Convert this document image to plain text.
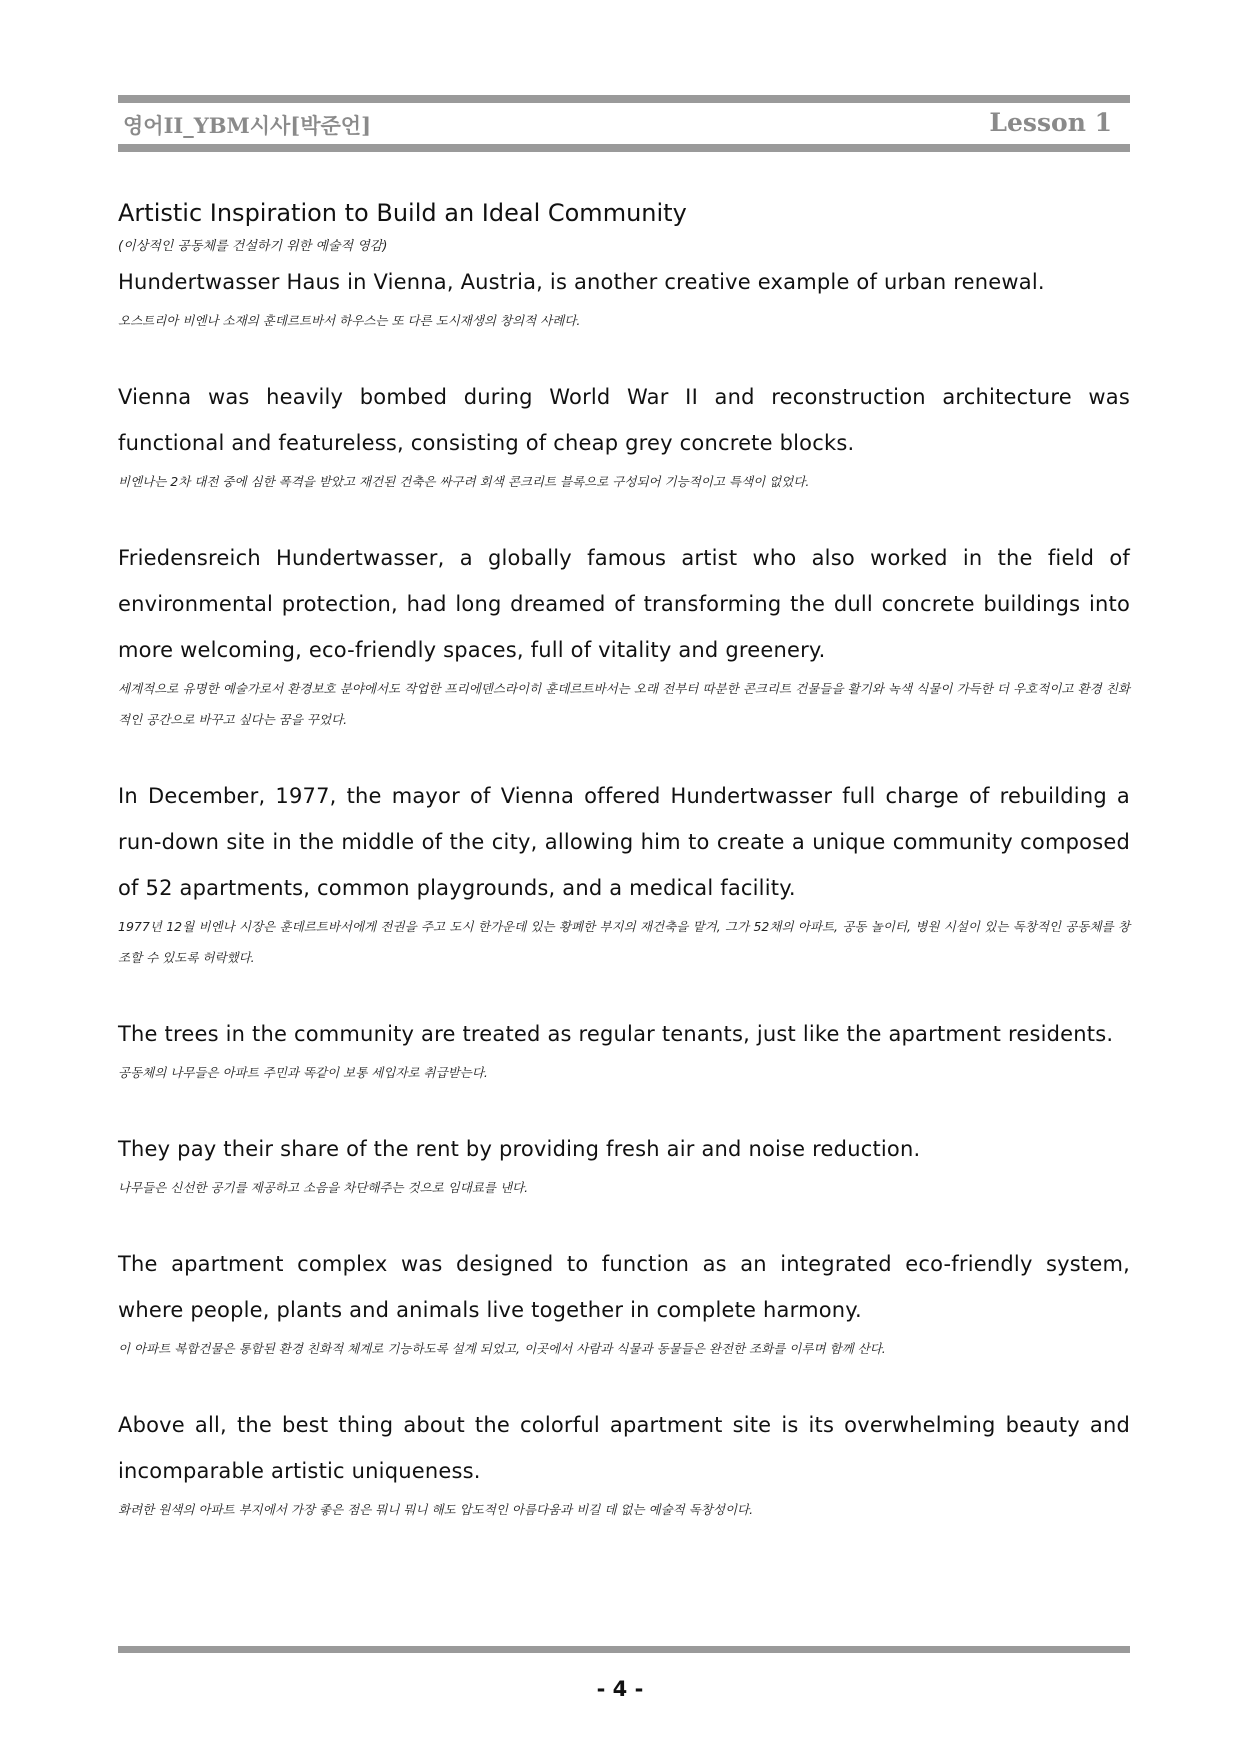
영어II_YBM시사[박준언]	Lesson 1
Artistic Inspiration to Build an Ideal Community

(이상적인 공동체를 건설하기 위한 예술적 영감)

Hundertwasser Haus in Vienna, Austria, is another creative example of urban renewal.

오스트리아 비엔나 소재의 훈데르트바서 하우스는 또 다른 도시재생의 창의적 사례다.

Vienna was heavily bombed during World War II and reconstruction architecture was functional and featureless, consisting of cheap grey concrete blocks.

비엔나는 2차 대전 중에 심한 폭격을 받았고 재건된 건축은 싸구려 회색 콘크리트 블록으로 구성되어 기능적이고 특색이 없었다.

Friedensreich Hundertwasser, a globally famous artist who also worked in the field of environmental protection, had long dreamed of transforming the dull concrete buildings into more welcoming, eco-friendly spaces, full of vitality and greenery.

세계적으로 유명한 예술가로서 환경보호 분야에서도 작업한 프리에덴스라이히 훈데르트바서는 오래 전부터 따분한 콘크리트 건물들을 활기와 녹색 식물이 가득한 더 우호적이고 환경 친화적인 공간으로 바꾸고 싶다는 꿈을 꾸었다.

In December, 1977, the mayor of Vienna offered Hundertwasser full charge of rebuilding a run-down site in the middle of the city, allowing him to create a unique community composed of 52 apartments, common playgrounds, and a medical facility.

1977년 12월 비엔나 시장은 훈데르트바서에게 전권을 주고 도시 한가운데 있는 황폐한 부지의 재건축을 맡겨, 그가 52채의 아파트, 공동 놀이터, 병원 시설이 있는 독창적인 공동체를 창조할 수 있도록 허락했다.

The trees in the community are treated as regular tenants, just like the apartment residents.

공동체의 나무들은 아파트 주민과 똑같이 보통 세입자로 취급받는다.

They pay their share of the rent by providing fresh air and noise reduction.

나무들은 신선한 공기를 제공하고 소음을 차단해주는 것으로 임대료를 낸다.

The apartment complex was designed to function as an integrated eco-friendly system, where people, plants and animals live together in complete harmony.

이 아파트 복합건물은 통합된 환경 친화적 체계로 기능하도록 설계 되었고, 이곳에서 사람과 식물과 동물들은 완전한 조화를 이루며 함께 산다.

Above all, the best thing about the colorful apartment site is its overwhelming beauty and incomparable artistic uniqueness.

화려한 원색의 아파트 부지에서 가장 좋은 점은 뭐니 뭐니 해도 압도적인 아름다움과 비길 데 없는 예술적 독창성이다.

- 4 -
